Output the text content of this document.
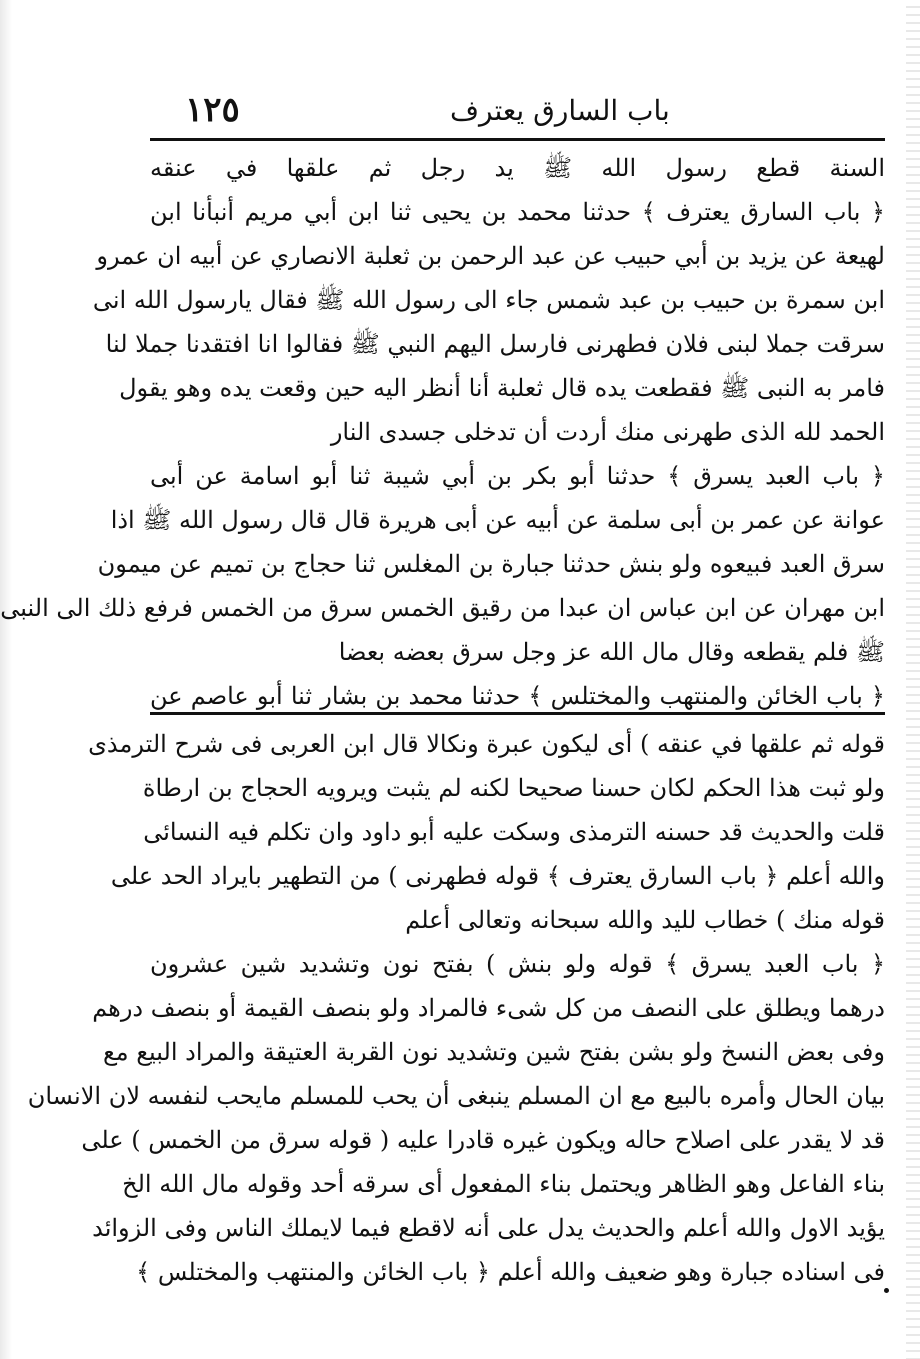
١٢٥	باب السارق يعترف
السنة قطع رسول الله ﷺ يد رجل ثم علقها في عنقه
﴿ باب السارق يعترف ﴾ حدثنا محمد بن يحيى ثنا ابن أبي مريم أنبأنا ابن
لهيعة عن يزيد بن أبي حبيب عن عبد الرحمن بن ثعلبة الانصاري عن أبيه ان عمرو
ابن سمرة بن حبيب بن عبد شمس جاء الى رسول الله ﷺ فقال يارسول الله انى
سرقت جملا لبنى فلان فطهرنى فارسل اليهم النبي ﷺ فقالوا انا افتقدنا جملا لنا
فامر به النبى ﷺ فقطعت يده قال ثعلبة أنا أنظر اليه حين وقعت يده وهو يقول
الحمد لله الذى طهرنى منك أردت أن تدخلى جسدى النار
﴿ باب العبد يسرق ﴾ حدثنا أبو بكر بن أبي شيبة ثنا أبو اسامة عن أبى
عوانة عن عمر بن أبى سلمة عن أبيه عن أبى هريرة قال قال رسول الله ﷺ اذا
سرق العبد فبيعوه ولو بنش حدثنا جبارة بن المغلس ثنا حجاج بن تميم عن ميمون
ابن مهران عن ابن عباس ان عبدا من رقيق الخمس سرق من الخمس فرفع ذلك الى النبى
ﷺ فلم يقطعه وقال مال الله عز وجل سرق بعضه بعضا
﴿ باب الخائن والمنتهب والمختلس ﴾ حدثنا محمد بن بشار ثنا أبو عاصم عن
قوله ثم علقها في عنقه ) أى ليكون عبرة ونكالا قال ابن العربى فى شرح الترمذى
ولو ثبت هذا الحكم لكان حسنا صحيحا لكنه لم يثبت ويرويه الحجاج بن ارطاة
قلت والحديث قد حسنه الترمذى وسكت عليه أبو داود وان تكلم فيه النسائى
والله أعلم ﴿ باب السارق يعترف ﴾ قوله فطهرنى ) من التطهير بايراد الحد على
قوله منك ) خطاب لليد والله سبحانه وتعالى أعلم
﴿ باب العبد يسرق ﴾ قوله ولو بنش ) بفتح نون وتشديد شين عشرون
درهما ويطلق على النصف من كل شىء فالمراد ولو بنصف القيمة أو بنصف درهم
وفى بعض النسخ ولو بشن بفتح شين وتشديد نون القربة العتيقة والمراد البيع مع
بيان الحال وأمره بالبيع مع ان المسلم ينبغى أن يحب للمسلم مايحب لنفسه لان الانسان
قد لا يقدر على اصلاح حاله ويكون غيره قادرا عليه ( قوله سرق من الخمس ) على
بناء الفاعل وهو الظاهر ويحتمل بناء المفعول أى سرقه أحد وقوله مال الله الخ
يؤيد الاول والله أعلم والحديث يدل على أنه لاقطع فيما لايملك الناس وفى الزوائد
فى اسناده جبارة وهو ضعيف والله أعلم ﴿ باب الخائن والمنتهب والمختلس ﴾
